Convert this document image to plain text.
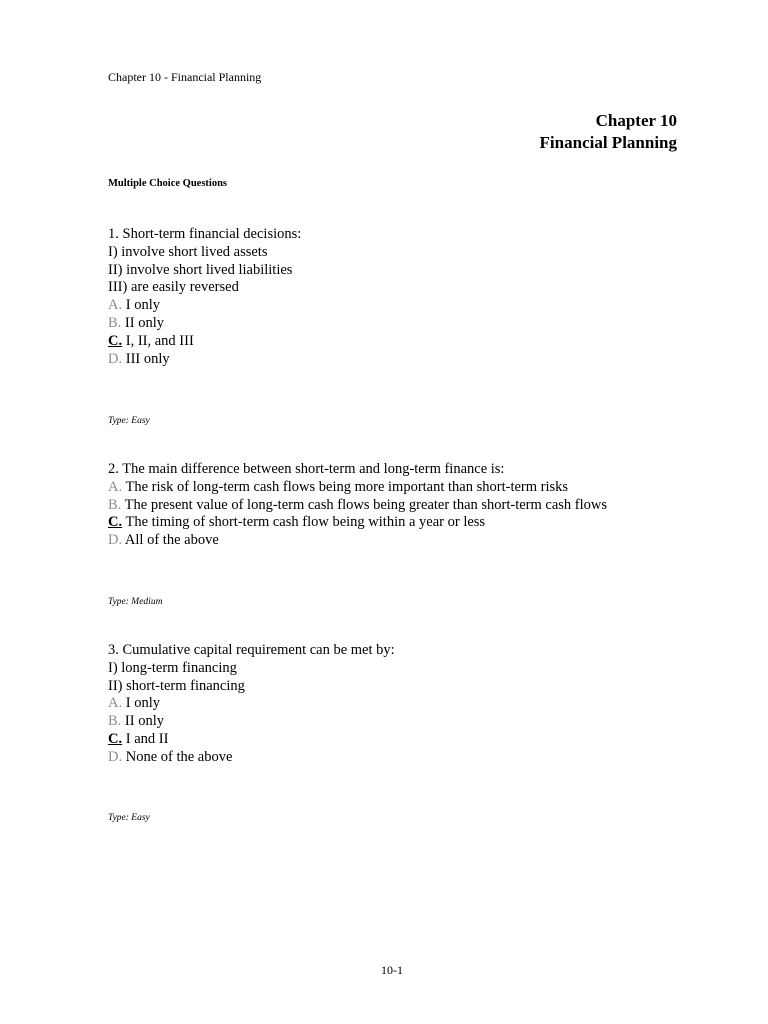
Chapter 10 - Financial Planning
Chapter 10
Financial Planning
Multiple Choice Questions
1. Short-term financial decisions:
I) involve short lived assets
II) involve short lived liabilities
III) are easily reversed
A. I only
B. II only
C. I, II, and III
D. III only
Type: Easy
2. The main difference between short-term and long-term finance is:
A. The risk of long-term cash flows being more important than short-term risks
B. The present value of long-term cash flows being greater than short-term cash flows
C. The timing of short-term cash flow being within a year or less
D. All of the above
Type: Medium
3. Cumulative capital requirement can be met by:
I) long-term financing
II) short-term financing
A. I only
B. II only
C. I and II
D. None of the above
Type: Easy
10-1
